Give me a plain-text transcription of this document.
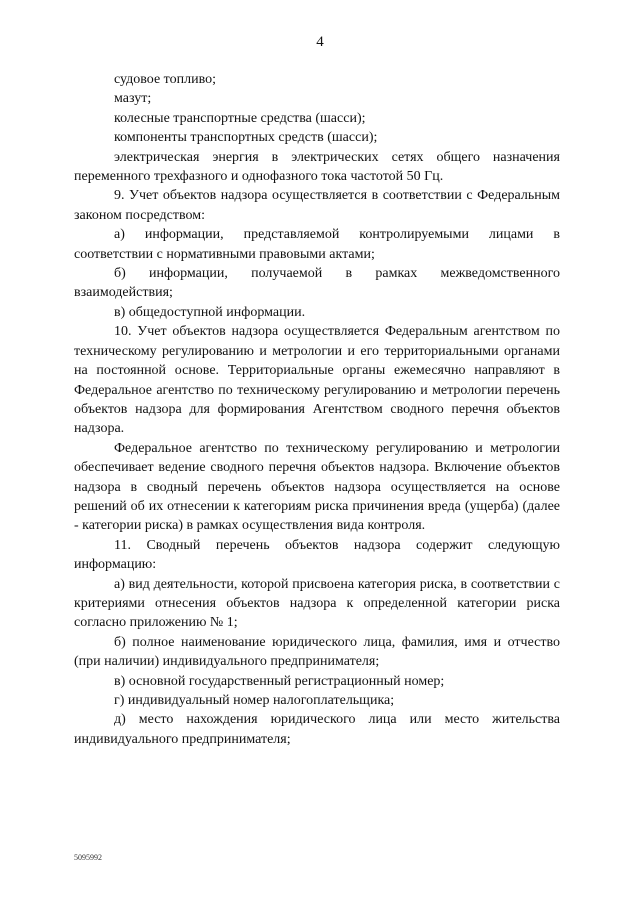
4

судовое топливо;

мазут;

колесные транспортные средства (шасси);

компоненты транспортных средств (шасси);

электрическая энергия в электрических сетях общего назначения переменного трехфазного и однофазного тока частотой 50 Гц.

9. Учет объектов надзора осуществляется в соответствии с Федеральным законом посредством:

а) информации, представляемой контролируемыми лицами в соответствии с нормативными правовыми актами;

б) информации, получаемой в рамках межведомственного взаимодействия;

в) общедоступной информации.

10. Учет объектов надзора осуществляется Федеральным агентством по техническому регулированию и метрологии и его территориальными органами на постоянной основе. Территориальные органы ежемесячно направляют в Федеральное агентство по техническому регулированию и метрологии перечень объектов надзора для формирования Агентством сводного перечня объектов надзора.

Федеральное агентство по техническому регулированию и метрологии обеспечивает ведение сводного перечня объектов надзора. Включение объектов надзора в сводный перечень объектов надзора осуществляется на основе решений об их отнесении к категориям риска причинения вреда (ущерба) (далее - категории риска) в рамках осуществления вида контроля.

11. Сводный перечень объектов надзора содержит следующую информацию:

а) вид деятельности, которой присвоена категория риска, в соответствии с критериями отнесения объектов надзора к определенной категории риска согласно приложению № 1;

б) полное наименование юридического лица, фамилия, имя и отчество (при наличии) индивидуального предпринимателя;

в) основной государственный регистрационный номер;

г) индивидуальный номер налогоплательщика;

д) место нахождения юридического лица или место жительства индивидуального предпринимателя;

5095992
